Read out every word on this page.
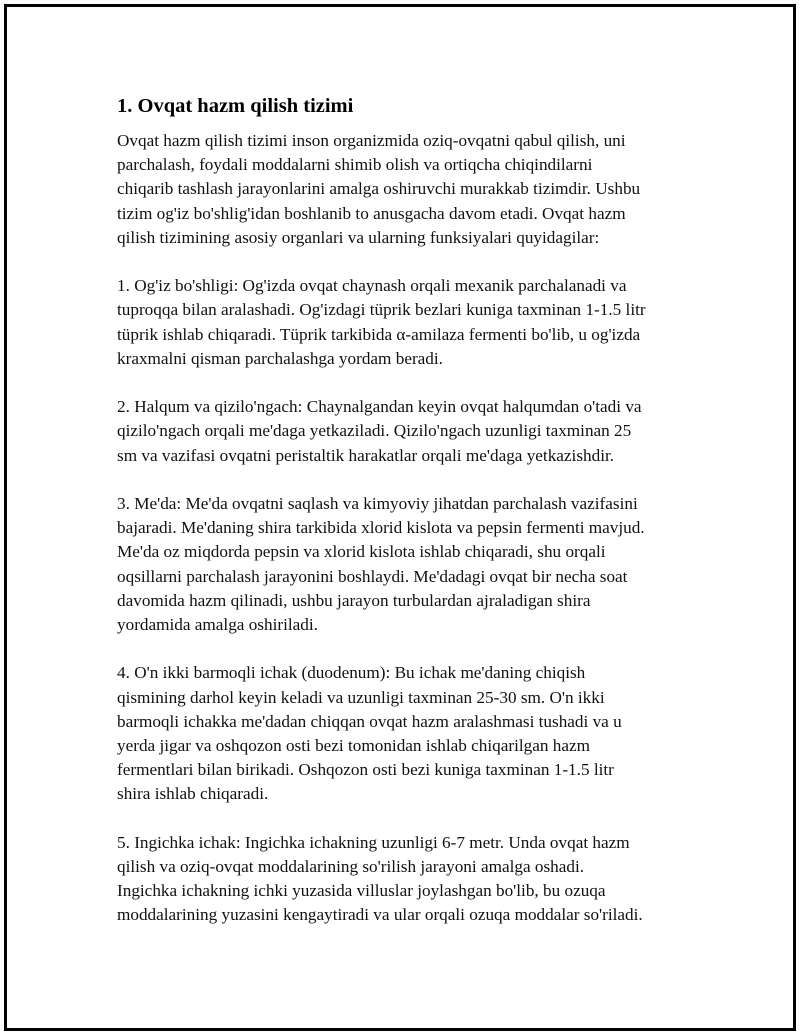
1. Ovqat hazm qilish tizimi

Ovqat hazm qilish tizimi inson organizmida oziq-ovqatni qabul qilish, uni
parchalash, foydali moddalarni shimib olish va ortiqcha chiqindilarni
chiqarib tashlash jarayonlarini amalga oshiruvchi murakkab tizimdir. Ushbu
tizim og'iz bo'shlig'idan boshlanib to anusgacha davom etadi. Ovqat hazm
qilish tizimining asosiy organlari va ularning funksiyalari quyidagilar:

1. Og'iz bo'shligi: Og'izda ovqat chaynash orqali mexanik parchalanadi va
tuproqqa bilan aralashadi. Og'izdagi tüprik bezlari kuniga taxminan 1-1.5 litr
tüprik ishlab chiqaradi. Tüprik tarkibida α-amilaza fermenti bo'lib, u og'izda
kraxmalni qisman parchalashga yordam beradi.

2. Halqum va qizilo'ngach: Chaynalgandan keyin ovqat halqumdan o'tadi va
qizilo'ngach orqali me'daga yetkaziladi. Qizilo'ngach uzunligi taxminan 25
sm va vazifasi ovqatni peristaltik harakatlar orqali me'daga yetkazishdir.

3. Me'da: Me'da ovqatni saqlash va kimyoviy jihatdan parchalash vazifasini
bajaradi. Me'daning shira tarkibida xlorid kislota va pepsin fermenti mavjud.
Me'da oz miqdorda pepsin va xlorid kislota ishlab chiqaradi, shu orqali
oqsillarni parchalash jarayonini boshlaydi. Me'dadagi ovqat bir necha soat
davomida hazm qilinadi, ushbu jarayon turbulardan ajraladigan shira
yordamida amalga oshiriladi.

4. O'n ikki barmoqli ichak (duodenum): Bu ichak me'daning chiqish
qismining darhol keyin keladi va uzunligi taxminan 25-30 sm. O'n ikki
barmoqli ichakka me'dadan chiqqan ovqat hazm aralashmasi tushadi va u
yerda jigar va oshqozon osti bezi tomonidan ishlab chiqarilgan hazm
fermentlari bilan birikadi. Oshqozon osti bezi kuniga taxminan 1-1.5 litr
shira ishlab chiqaradi.

5. Ingichka ichak: Ingichka ichakning uzunligi 6-7 metr. Unda ovqat hazm
qilish va oziq-ovqat moddalarining so'rilish jarayoni amalga oshadi.
Ingichka ichakning ichki yuzasida villuslar joylashgan bo'lib, bu ozuqa
moddalarining yuzasini kengaytiradi va ular orqali ozuqa moddalar so'riladi.
